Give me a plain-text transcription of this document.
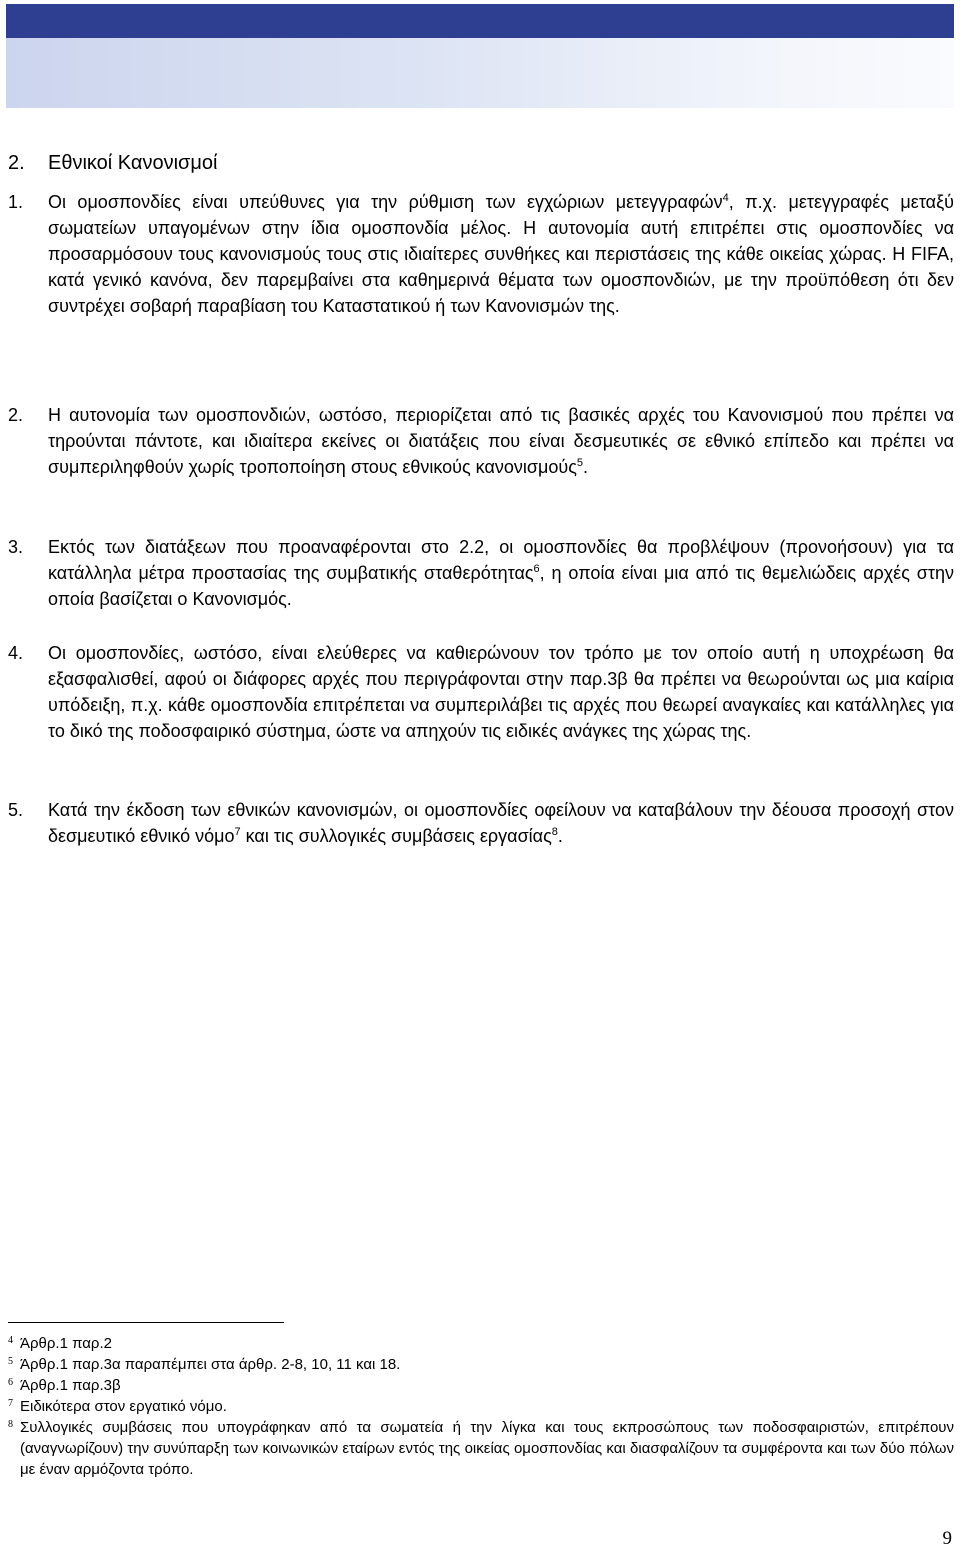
2. Εθνικοί Κανονισμοί
1. Οι ομοσπονδίες είναι υπεύθυνες για την ρύθμιση των εγχώριων μετεγγραφών$^4$, π.χ. μετεγγραφές μεταξύ σωματείων υπαγομένων στην ίδια ομοσπονδία μέλος. Η αυτονομία αυτή επιτρέπει στις ομοσπονδίες να προσαρμόσουν τους κανονισμούς τους στις ιδιαίτερες συνθήκες και περιστάσεις της κάθε οικείας χώρας. Η FIFA, κατά γενικό κανόνα, δεν παρεμβαίνει στα καθημερινά θέματα των ομοσπονδιών, με την προϋπόθεση ότι δεν συντρέχει σοβαρή παραβίαση του Καταστατικού ή των Κανονισμών της.
2. Η αυτονομία των ομοσπονδιών, ωστόσο, περιορίζεται από τις βασικές αρχές του Κανονισμού που πρέπει να τηρούνται πάντοτε, και ιδιαίτερα εκείνες οι διατάξεις που είναι δεσμευτικές σε εθνικό επίπεδο και πρέπει να συμπεριληφθούν χωρίς τροποποίηση στους εθνικούς κανονισμούς$^5$.
3. Εκτός των διατάξεων που προαναφέρονται στο 2.2, οι ομοσπονδίες θα προβλέψουν (προνοήσουν) για τα κατάλληλα μέτρα προστασίας της συμβατικής σταθερότητας$^6$, η οποία είναι μια από τις θεμελιώδεις αρχές στην οποία βασίζεται ο Κανονισμός.
4. Οι ομοσπονδίες, ωστόσο, είναι ελεύθερες να καθιερώνουν τον τρόπο με τον οποίο αυτή η υποχρέωση θα εξασφαλισθεί, αφού οι διάφορες αρχές που περιγράφονται στην παρ.3β θα πρέπει να θεωρούνται ως μια καίρια υπόδειξη, π.χ. κάθε ομοσπονδία επιτρέπεται να συμπεριλάβει τις αρχές που θεωρεί αναγκαίες και κατάλληλες για το δικό της ποδοσφαιρικό σύστημα, ώστε να απηχούν τις ειδικές ανάγκες της χώρας της.
5. Κατά την έκδοση των εθνικών κανονισμών, οι ομοσπονδίες οφείλουν να καταβάλουν την δέουσα προσοχή στον δεσμευτικό εθνικό νόμο$^7$ και τις συλλογικές συμβάσεις εργασίας$^8$.
4 Άρθρ.1 παρ.2
5 Άρθρ.1 παρ.3α παραπέμπει στα άρθρ. 2-8, 10, 11 και 18.
6 Άρθρ.1 παρ.3β
7 Ειδικότερα στον εργατικό νόμο.
8 Συλλογικές συμβάσεις που υπογράφηκαν από τα σωματεία ή την λίγκα και τους εκπροσώπους των ποδοσφαιριστών, επιτρέπουν (αναγνωρίζουν) την συνύπαρξη των κοινωνικών εταίρων εντός της οικείας ομοσπονδίας και διασφαλίζουν τα συμφέροντα και των δύο πόλων με έναν αρμόζοντα τρόπο.
9
